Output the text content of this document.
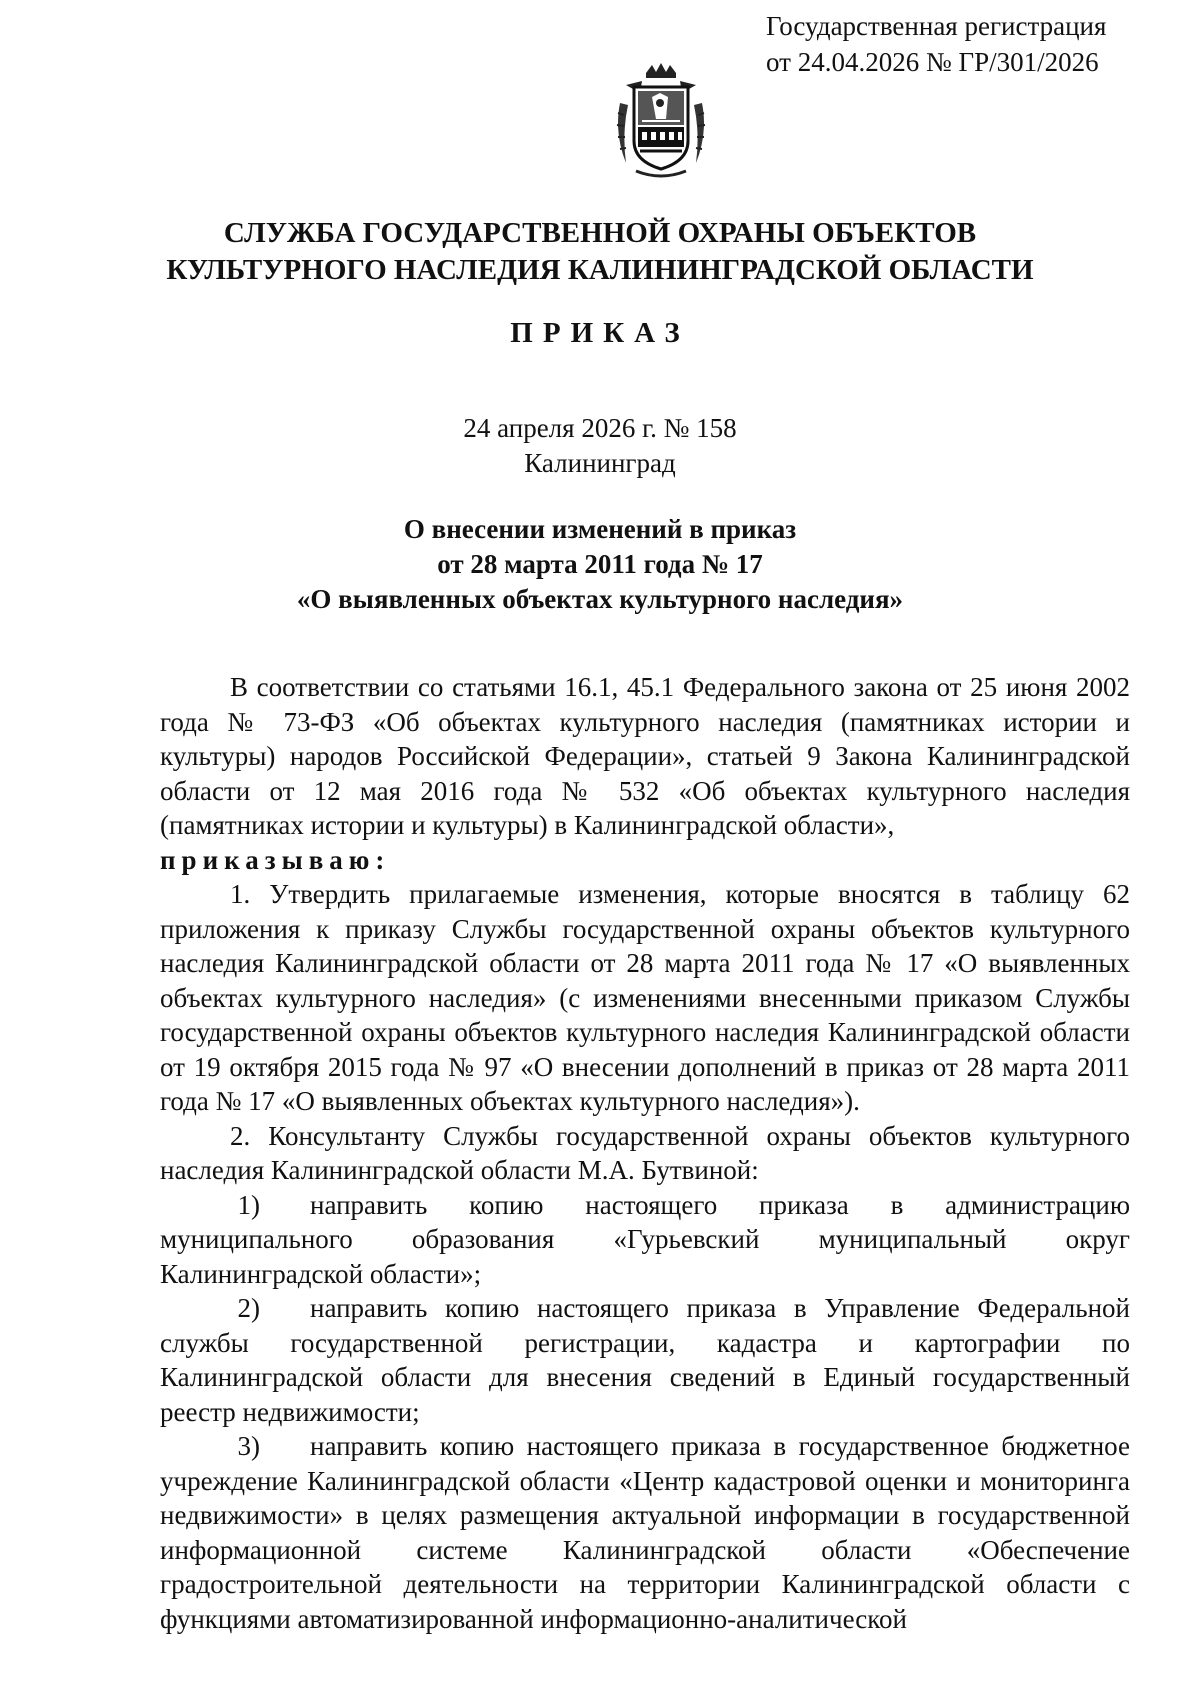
Государственная регистрация
от 24.04.2026 № ГР/301/2026
СЛУЖБА ГОСУДАРСТВЕННОЙ ОХРАНЫ ОБЪЕКТОВ
КУЛЬТУРНОГО НАСЛЕДИЯ КАЛИНИНГРАДСКОЙ ОБЛАСТИ
ПРИКАЗ
24 апреля 2026 г. № 158
Калининград
О внесении изменений в приказ
от 28 марта 2011 года № 17
«О выявленных объектах культурного наследия»

В соответствии со статьями 16.1, 45.1 Федерального закона от 25 июня 2002 года № 73-ФЗ «Об объектах культурного наследия (памятниках истории и культуры) народов Российской Федерации», статьей 9 Закона Калининградской области от 12 мая 2016 года № 532 «Об объектах культурного наследия (памятниках истории и культуры) в Калининградской области»,

приказываю:

1. Утвердить прилагаемые изменения, которые вносятся в таблицу 62 приложения к приказу Службы государственной охраны объектов культурного наследия Калининградской области от 28 марта 2011 года № 17 «О выявленных объектах культурного наследия» (с изменениями внесенными приказом Службы государственной охраны объектов культурного наследия Калининградской области от 19 октября 2015 года № 97 «О внесении дополнений в приказ от 28 марта 2011 года № 17 «О выявленных объектах культурного наследия»).

2. Консультанту Службы государственной охраны объектов культурного наследия Калининградской области М.А. Бутвиной:

1) направить копию настоящего приказа в администрацию муниципального образования «Гурьевский муниципальный округ Калининградской области»;

2) направить копию настоящего приказа в Управление Федеральной службы государственной регистрации, кадастра и картографии по Калининградской области для внесения сведений в Единый государственный реестр недвижимости;

3) направить копию настоящего приказа в государственное бюджетное учреждение Калининградской области «Центр кадастровой оценки и мониторинга недвижимости» в целях размещения актуальной информации в государственной информационной системе Калининградской области «Обеспечение градостроительной деятельности на территории Калининградской области с функциями автоматизированной информационно-аналитической
